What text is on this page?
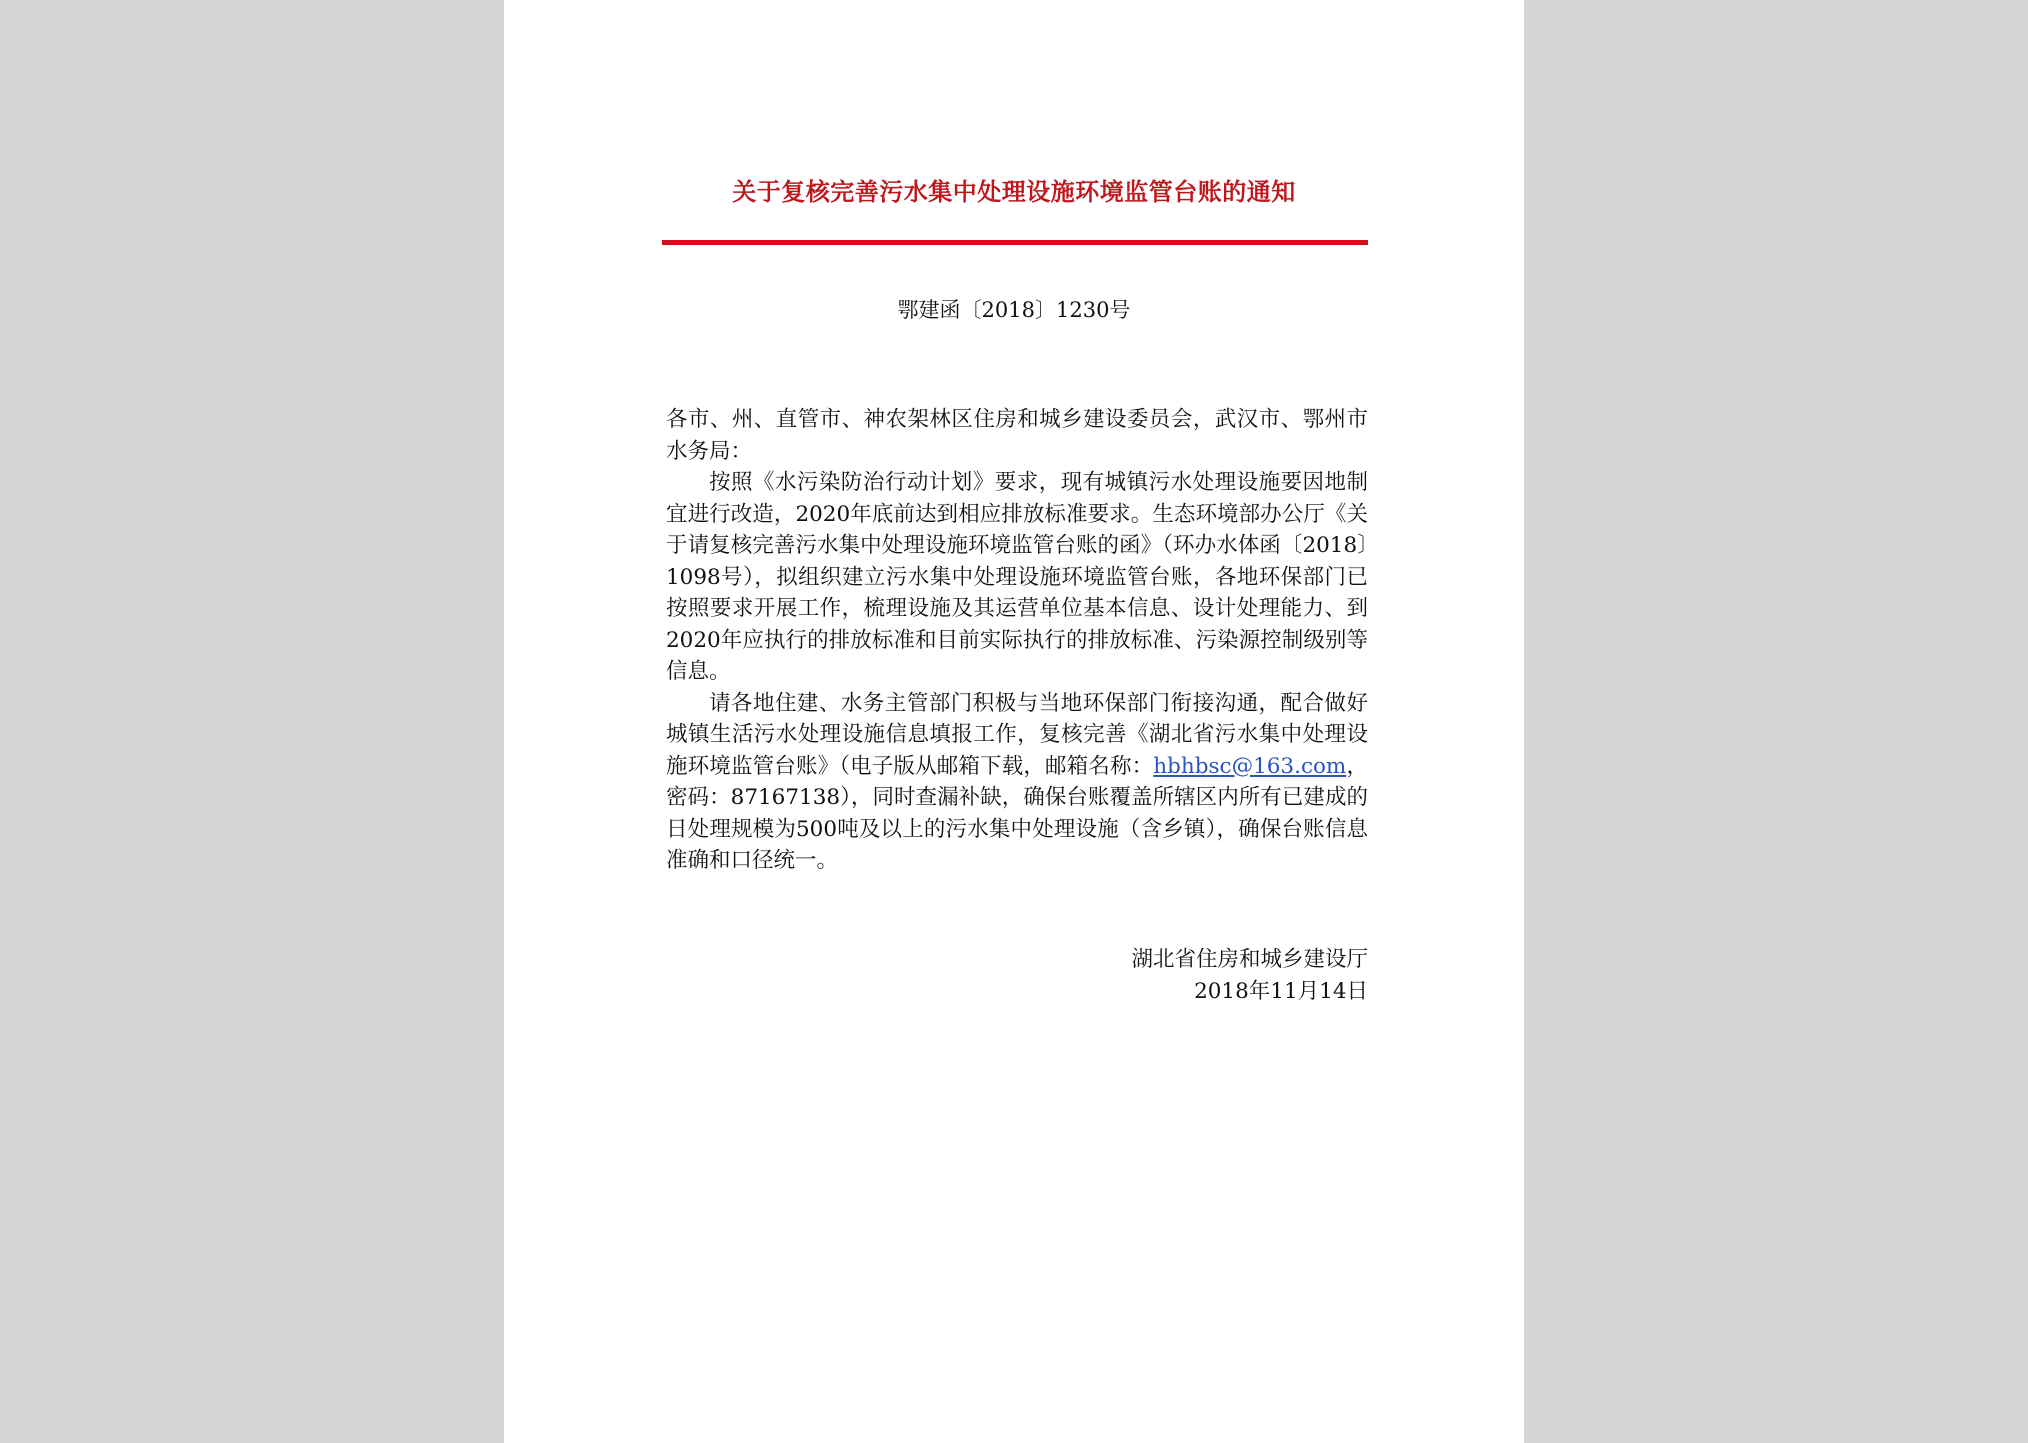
关于复核完善污水集中处理设施环境监管台账的通知

鄂建函〔2018〕1230号

各市、州、直管市、神农架林区住房和城乡建设委员会，武汉市、鄂州市水务局：

按照《水污染防治行动计划》要求，现有城镇污水处理设施要因地制宜进行改造，2020年底前达到相应排放标准要求。生态环境部办公厅《关于请复核完善污水集中处理设施环境监管台账的函》（环办水体函〔2018〕1098号），拟组织建立污水集中处理设施环境监管台账，各地环保部门已按照要求开展工作，梳理设施及其运营单位基本信息、设计处理能力、到2020年应执行的排放标准和目前实际执行的排放标准、污染源控制级别等信息。

请各地住建、水务主管部门积极与当地环保部门衔接沟通，配合做好城镇生活污水处理设施信息填报工作，复核完善《湖北省污水集中处理设施环境监管台账》（电子版从邮箱下载，邮箱名称：hbhbsc@163.com，密码：87167138），同时查漏补缺，确保台账覆盖所辖区内所有已建成的日处理规模为500吨及以上的污水集中处理设施（含乡镇），确保台账信息准确和口径统一。

湖北省住房和城乡建设厅
2018年11月14日
